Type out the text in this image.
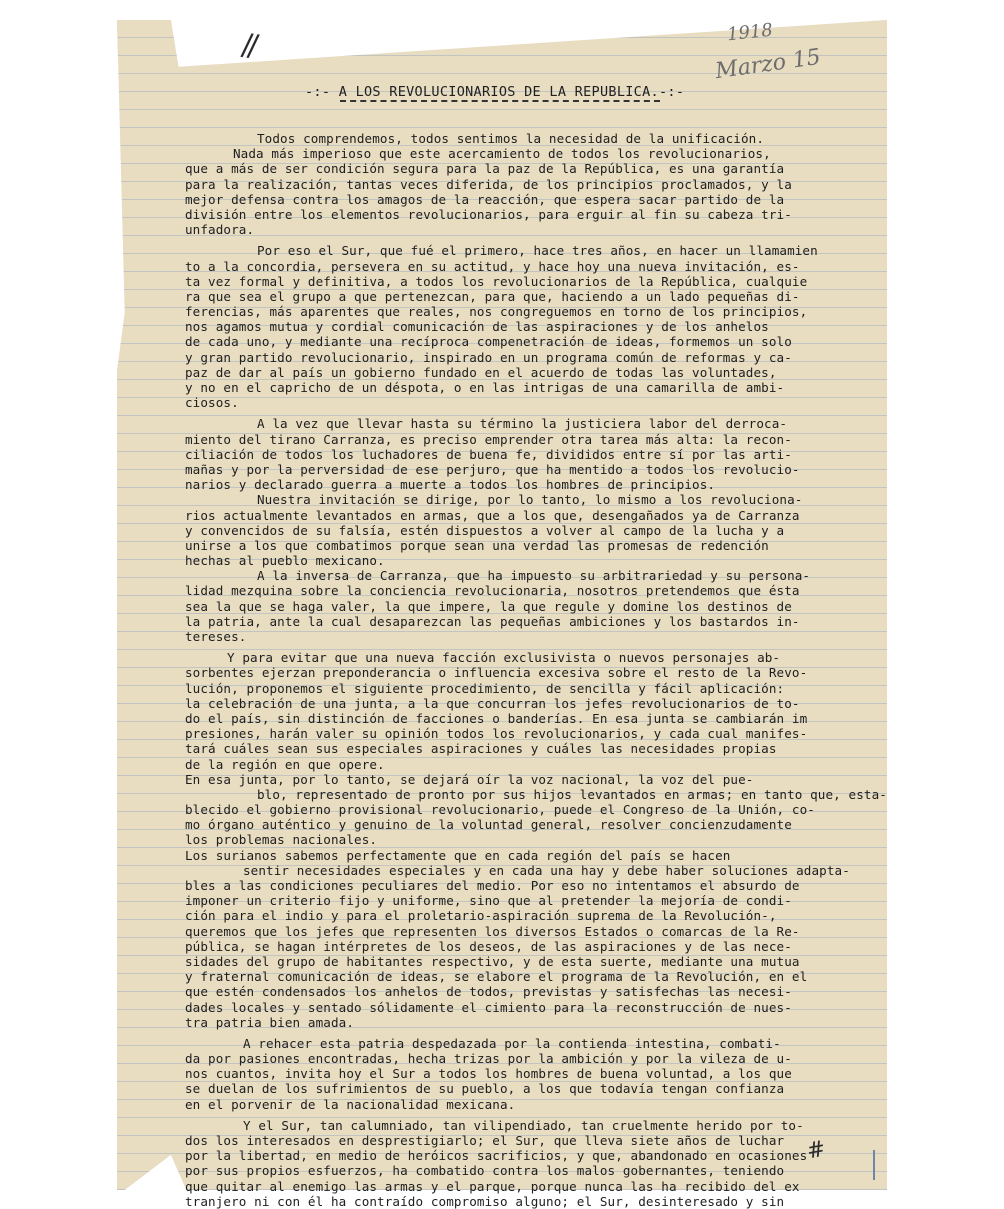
//	1918
Marzo 15
-:- A LOS REVOLUCIONARIOS DE LA REPUBLICA.-:-
Todos comprendemos, todos sentimos la necesidad de la unificación.
Nada más imperioso que este acercamiento de todos los revolucionarios,
que a más de ser condición segura para la paz de la República, es una garantía
para la realización, tantas veces diferida, de los principios proclamados, y la
mejor defensa contra los amagos de la reacción, que espera sacar partido de la
división entre los elementos revolucionarios, para erguir al fin su cabeza tri-
unfadora.
Por eso el Sur, que fué el primero, hace tres años, en hacer un llamamien
to a la concordia, persevera en su actitud, y hace hoy una nueva invitación, es-
ta vez formal y definitiva, a todos los revolucionarios de la República, cualquie
ra que sea el grupo a que pertenezcan, para que, haciendo a un lado pequeñas di-
ferencias, más aparentes que reales, nos congreguemos en torno de los principios,
nos agamos mutua y cordial comunicación de las aspiraciones y de los anhelos
de cada uno, y mediante una recíproca compenetración de ideas, formemos un solo
y gran partido revolucionario, inspirado en un programa común de reformas y ca-
paz de dar al país un gobierno fundado en el acuerdo de todas las voluntades,
y no en el capricho de un déspota, o en las intrigas de una camarilla de ambi-
ciosos.
A la vez que llevar hasta su término la justiciera labor del derroca-
miento del tirano Carranza, es preciso emprender otra tarea más alta: la recon-
ciliación de todos los luchadores de buena fe, divididos entre sí por las arti-
mañas y por la perversidad de ese perjuro, que ha mentido a todos los revolucio-
narios y declarado guerra a muerte a todos los hombres de principios.
Nuestra invitación se dirige, por lo tanto, lo mismo a los revoluciona-
rios actualmente levantados en armas, que a los que, desengañados ya de Carranza
y convencidos de su falsía, estén dispuestos a volver al campo de la lucha y a
unirse a los que combatimos porque sean una verdad las promesas de redención
hechas al pueblo mexicano.
A la inversa de Carranza, que ha impuesto su arbitrariedad y su persona-
lidad mezquina sobre la conciencia revolucionaria, nosotros pretendemos que ésta
sea la que se haga valer, la que impere, la que regule y domine los destinos de
la patria, ante la cual desaparezcan las pequeñas ambiciones y los bastardos in-
tereses.
Y para evitar que una nueva facción exclusivista o nuevos personajes ab-
sorbentes ejerzan preponderancia o influencia excesiva sobre el resto de la Revo-
lución, proponemos el siguiente procedimiento, de sencilla y fácil aplicación:
la celebración de una junta, a la que concurran los jefes revolucionarios de to-
do el país, sin distinción de facciones o banderías. En esa junta se cambiarán im
presiones, harán valer su opinión todos los revolucionarios, y cada cual manifes-
tará cuáles sean sus especiales aspiraciones y cuáles las necesidades propias
de la región en que opere.
En esa junta, por lo tanto, se dejará oír la voz nacional, la voz del pue-
blo, representado de pronto por sus hijos levantados en armas; en tanto que, esta-
blecido el gobierno provisional revolucionario, puede el Congreso de la Unión, co-
mo órgano auténtico y genuino de la voluntad general, resolver concienzudamente
los problemas nacionales.
Los surianos sabemos perfectamente que en cada región del país se hacen
sentir necesidades especiales y en cada una hay y debe haber soluciones adapta-
bles a las condiciones peculiares del medio. Por eso no intentamos el absurdo de
imponer un criterio fijo y uniforme, sino que al pretender la mejoría de condi-
ción para el indio y para el proletario-aspiración suprema de la Revolución-,
queremos que los jefes que representen los diversos Estados o comarcas de la Re-
pública, se hagan intérpretes de los deseos, de las aspiraciones y de las nece-
sidades del grupo de habitantes respectivo, y de esta suerte, mediante una mutua
y fraternal comunicación de ideas, se elabore el programa de la Revolución, en el
que estén condensados los anhelos de todos, previstas y satisfechas las necesi-
dades locales y sentado sólidamente el cimiento para la reconstrucción de nues-
tra patria bien amada.
A rehacer esta patria despedazada por la contienda intestina, combati-
da por pasiones encontradas, hecha trizas por la ambición y por la vileza de u-
nos cuantos, invita hoy el Sur a todos los hombres de buena voluntad, a los que
se duelan de los sufrimientos de su pueblo, a los que todavía tengan confianza
en el porvenir de la nacionalidad mexicana.
Y el Sur, tan calumniado, tan vilipendiado, tan cruelmente herido por to-
dos los interesados en desprestigiarlo; el Sur, que lleva siete años de luchar
por la libertad, en medio de heróicos sacrificios, y que, abandonado en ocasiones
por sus propios esfuerzos, ha combatido contra los malos gobernantes, teniendo
que quitar al enemigo las armas y el parque, porque nunca las ha recibido del ex
tranjero ni con él ha contraído compromiso alguno; el Sur, desinteresado y sin
#
